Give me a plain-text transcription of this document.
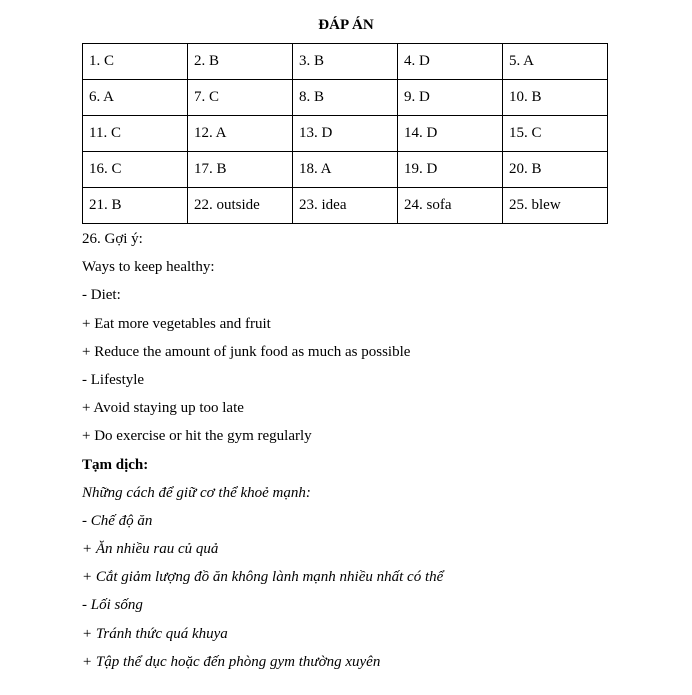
ĐÁP ÁN
1. C	2. B	3. B	4. D	5. A
6. A	7. C	8. B	9. D	10. B
11. C	12. A	13. D	14. D	15. C
16. C	17. B	18. A	19. D	20. B
21. B	22. outside	23. idea	24. sofa	25. blew
26. Gợi ý:
Ways to keep healthy:
- Diet:
+ Eat more vegetables and fruit
+ Reduce the amount of junk food as much as possible
- Lifestyle
+ Avoid staying up too late
+ Do exercise or hit the gym regularly
Tạm dịch:
Những cách để giữ cơ thể khoẻ mạnh:
- Chế độ ăn
+ Ăn nhiều rau củ quả
+ Cắt giảm lượng đồ ăn không lành mạnh nhiều nhất có thể
- Lối sống
+ Tránh thức quá khuya
+ Tập thể dục hoặc đến phòng gym thường xuyên
